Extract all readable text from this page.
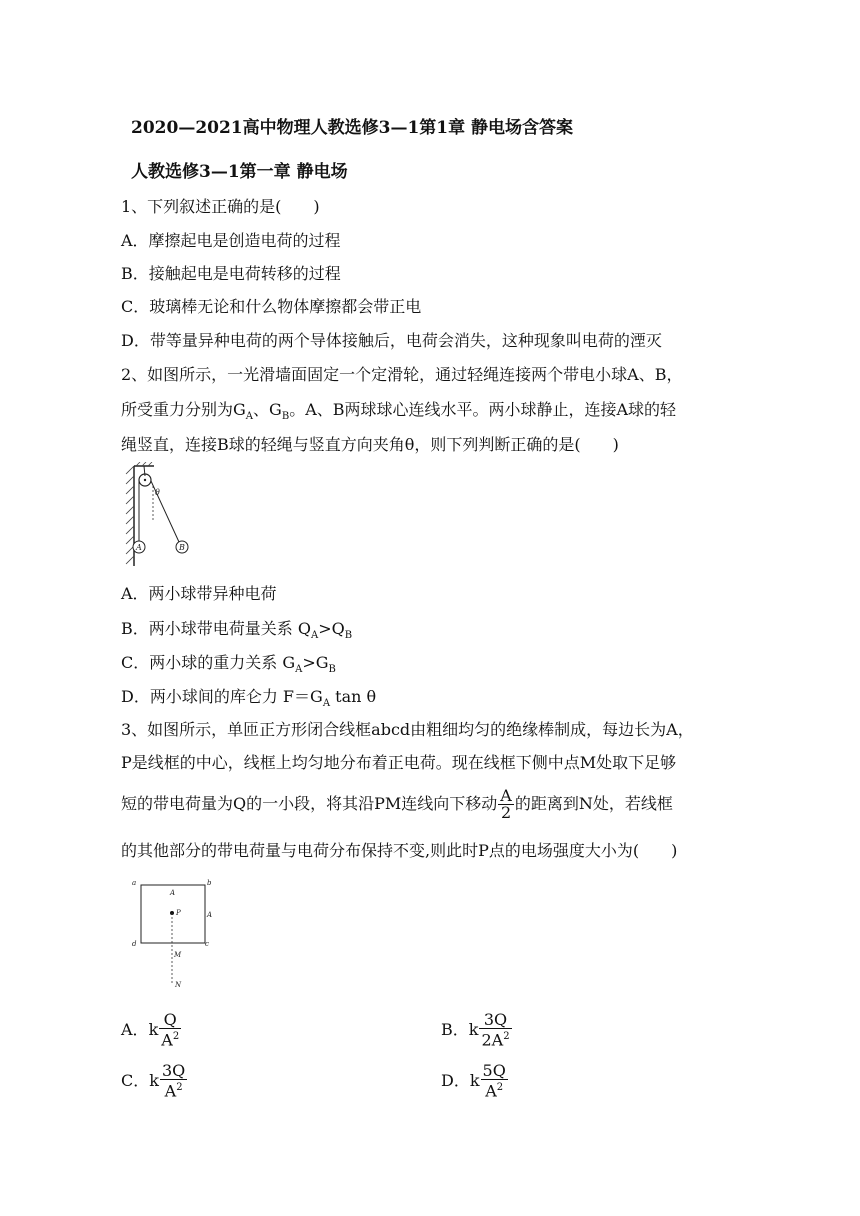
2020—2021高中物理人教选修3—1第1章 静电场含答案
人教选修3—1第一章 静电场
1、下列叙述正确的是(　　)
A．摩擦起电是创造电荷的过程
B．接触起电是电荷转移的过程
C．玻璃棒无论和什么物体摩擦都会带正电
D．带等量异种电荷的两个导体接触后，电荷会消失，这种现象叫电荷的湮灭
2、如图所示，一光滑墙面固定一个定滑轮，通过轻绳连接两个带电小球A、B，
所受重力分别为$G_A$、$G_B$。A、B两球球心连线水平。两小球静止，连接A球的轻
绳竖直，连接B球的轻绳与竖直方向夹角θ，则下列判断正确的是(　　)
θ
A	B
A．两小球带异种电荷
B．两小球带电荷量关系 $Q_A>Q_B$
C．两小球的重力关系 $G_A>G_B$
D．两小球间的库仑力 $F=G_A$ tan θ
3、如图所示，单匝正方形闭合线框abcd由粗细均匀的绝缘棒制成，每边长为A，
P是线框的中心，线框上均匀地分布着正电荷。现在线框下侧中点M处取下足够
短的带电荷量为Q的一小段，将其沿PM连线向下移动 $\frac{A}{2}$ 的距离到N处，若线框
的其他部分的带电荷量与电荷分布保持不变,则此时P点的电场强度大小为(　　)
a	b
c
d
A
A
P
M
N
A．k $\frac{Q}{A^2}$	B．k $\frac{3Q}{2A^2}$
C．k $\frac{3Q}{A^2}$	D．k $\frac{5Q}{A^2}$
